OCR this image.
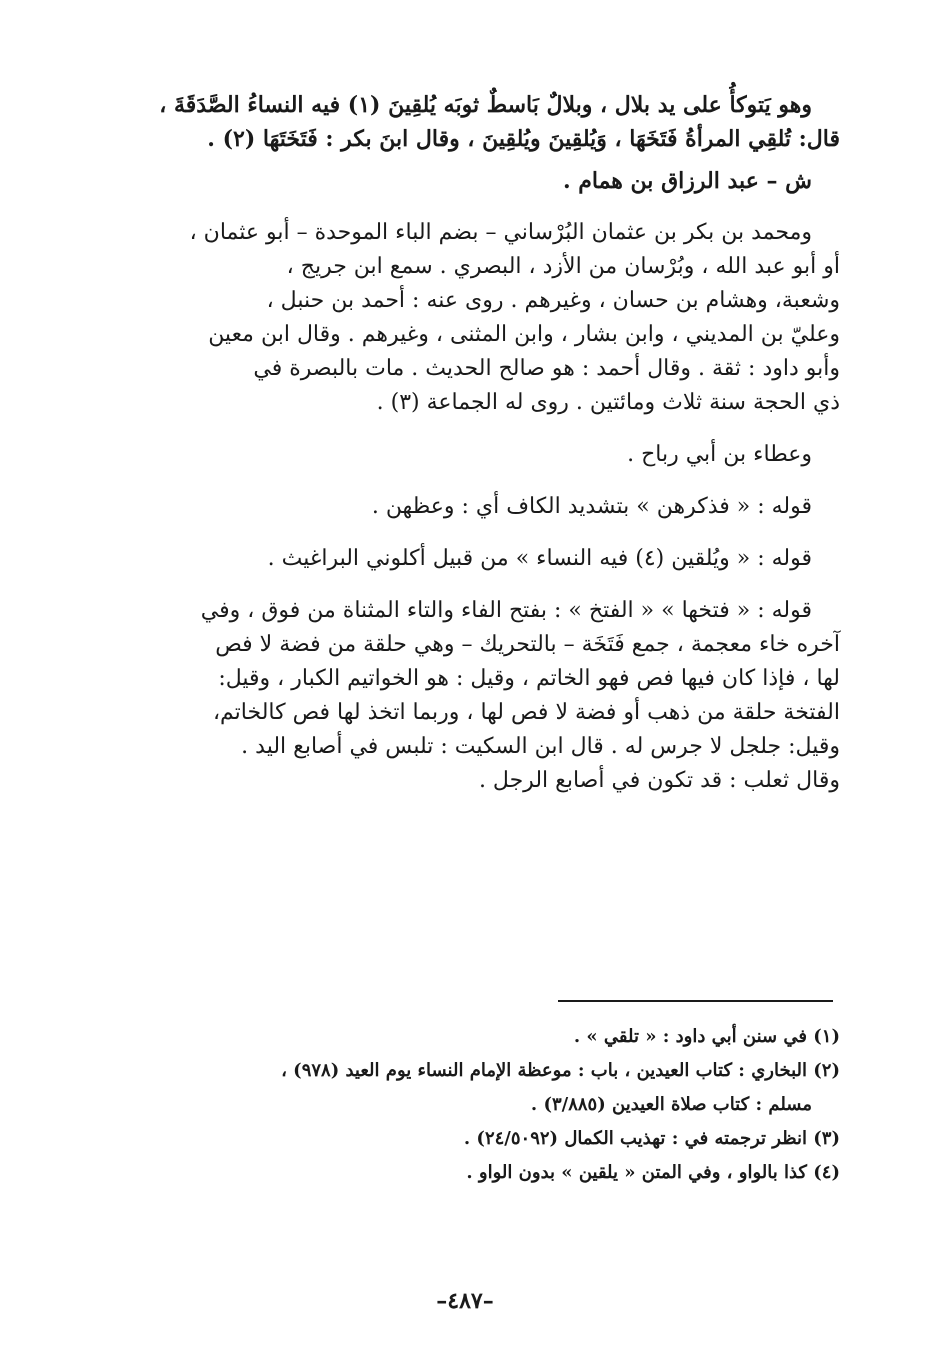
وهو يَتوكأُ على يد بلال ، وبلالٌ بَاسطٌ ثوبَه يُلقِينَ (١) فيه النساءُ الصَّدَقَةَ ،
قال: تُلقِي المرأةُ فَتَخَهَا ، وَيُلقِينَ ويُلقِينَ ، وقال ابنَ بكر : فَتَخَتَهَا (٢) .
ش – عبد الرزاق بن همام .
ومحمد بن بكر بن عثمان البُرْساني – بضم الباء الموحدة – أبو عثمان ،
أو أبو عبد الله ، وبُرْسان من الأزد ، البصري . سمع ابن جريج ،
وشعبة، وهشام بن حسان ، وغيرهم . روى عنه : أحمد بن حنبل ،
وعليّ بن المديني ، وابن بشار ، وابن المثنى ، وغيرهم . وقال ابن معين
وأبو داود : ثقة . وقال أحمد : هو صالح الحديث . مات بالبصرة في
ذي الحجة سنة ثلاث ومائتين . روى له الجماعة (٣) .
وعطاء بن أبي رباح .
قوله : « فذكرهن » بتشديد الكاف أي : وعظهن .
قوله : « ويُلقين (٤) فيه النساء » من قبيل أكلوني البراغيث .
قوله : « فتخها » « الفتخ » : بفتح الفاء والتاء المثناة من فوق ، وفي
آخره خاء معجمة ، جمع فَتَخَة – بالتحريك – وهي حلقة من فضة لا فص
لها ، فإذا كان فيها فص فهو الخاتم ، وقيل : هو الخواتيم الكبار ، وقيل:
الفتخة حلقة من ذهب أو فضة لا فص لها ، وربما اتخذ لها فص كالخاتم،
وقيل: جلجل لا جرس له . قال ابن السكيت : تلبس في أصابع اليد .
وقال ثعلب : قد تكون في أصابع الرجل .
(١) في سنن أبي داود : « تلقي » .
(٢) البخاري : كتاب العيدين ، باب : موعظة الإمام النساء يوم العيد (٩٧٨) ،
مسلم : كتاب صلاة العيدين (٣/٨٨٥) .
(٣) انظر ترجمته في : تهذيب الكمال (٢٤/٥٠٩٢) .
(٤) كذا بالواو ، وفي المتن « يلقين » بدون الواو .
–٤٨٧–
